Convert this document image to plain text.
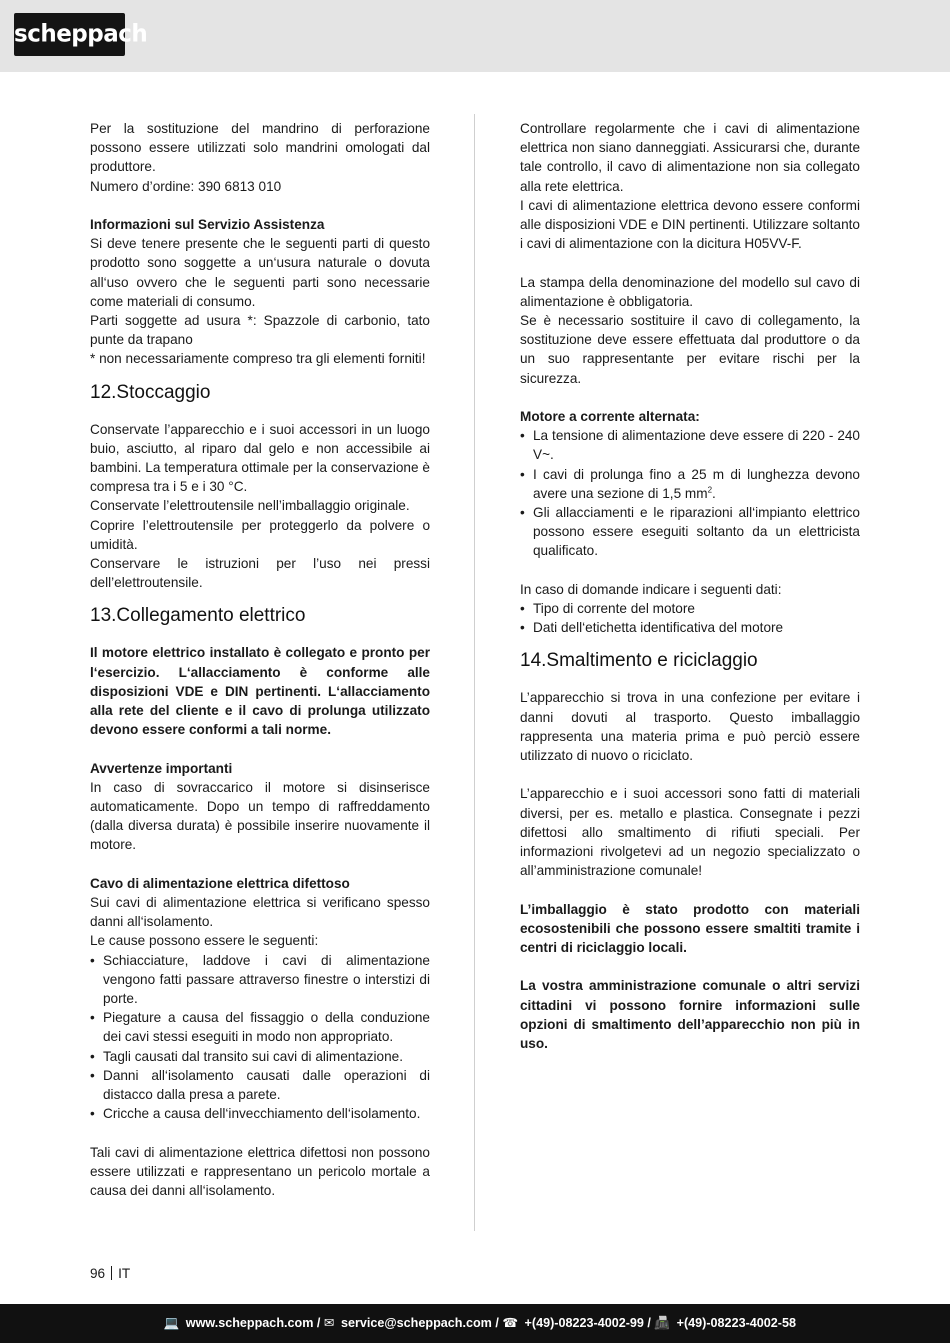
scheppach

Per la sostituzione del mandrino di perforazione possono essere utilizzati solo mandrini omologati dal produttore.

Numero d’ordine: 390 6813 010

Informazioni sul Servizio Assistenza

Si deve tenere presente che le seguenti parti di questo prodotto sono soggette a un‘usura naturale o dovuta all‘uso ovvero che le seguenti parti sono necessarie come materiali di consumo.

Parti soggette ad usura *: Spazzole di carbonio, tato punte da trapano

* non necessariamente compreso tra gli elementi forniti!

12.Stoccaggio

Conservate l’apparecchio e i suoi accessori in un luogo buio, asciutto, al riparo dal gelo e non accessibile ai bambini. La temperatura ottimale per la conservazione è compresa tra i 5 e i 30 °C.

Conservate l’elettroutensile nell’imballaggio originale.

Coprire l’elettroutensile per proteggerlo da polvere o umidità.

Conservare le istruzioni per l’uso nei pressi dell’elettroutensile.

13.Collegamento elettrico

Il motore elettrico installato è collegato e pronto per l‘esercizio. L‘allacciamento è conforme alle disposizioni VDE e DIN pertinenti. L‘allacciamento alla rete del cliente e il cavo di prolunga utilizzato devono essere conformi a tali norme.

Avvertenze importanti

In caso di sovraccarico il motore si disinserisce automaticamente. Dopo un tempo di raffreddamento (dalla diversa durata) è possibile inserire nuovamente il motore.

Cavo di alimentazione elettrica difettoso

Sui cavi di alimentazione elettrica si verificano spesso danni all‘isolamento.

Le cause possono essere le seguenti:

• Schiacciature, laddove i cavi di alimentazione vengono fatti passare attraverso finestre o interstizi di porte.
• Piegature a causa del fissaggio o della conduzione dei cavi stessi eseguiti in modo non appropriato.
• Tagli causati dal transito sui cavi di alimentazione.
• Danni all‘isolamento causati dalle operazioni di distacco dalla presa a parete.
• Cricche a causa dell‘invecchiamento dell‘isolamento.

Tali cavi di alimentazione elettrica difettosi non possono essere utilizzati e rappresentano un pericolo mortale a causa dei danni all‘isolamento.

Controllare regolarmente che i cavi di alimentazione elettrica non siano danneggiati. Assicurarsi che, durante tale controllo, il cavo di alimentazione non sia collegato alla rete elettrica.

I cavi di alimentazione elettrica devono essere conformi alle disposizioni VDE e DIN pertinenti. Utilizzare soltanto i cavi di alimentazione con la dicitura H05VV-F.

La stampa della denominazione del modello sul cavo di alimentazione è obbligatoria.

Se è necessario sostituire il cavo di collegamento, la sostituzione deve essere effettuata dal produttore o da un suo rappresentante per evitare rischi per la sicurezza.

Motore a corrente alternata:

• La tensione di alimentazione deve essere di 220 - 240 V~.
• I cavi di prolunga fino a 25 m di lunghezza devono avere una sezione di 1,5 $mm^2$.
• Gli allacciamenti e le riparazioni all‘impianto elettrico possono essere eseguiti soltanto da un elettricista qualificato.

In caso di domande indicare i seguenti dati:

• Tipo di corrente del motore
• Dati dell‘etichetta identificativa del motore
14.Smaltimento e riciclaggio

L’apparecchio si trova in una confezione per evitare i danni dovuti al trasporto. Questo imballaggio rappresenta una materia prima e può perciò essere utilizzato di nuovo o riciclato.

L’apparecchio e i suoi accessori sono fatti di materiali diversi, per es. metallo e plastica. Consegnate i pezzi difettosi allo smaltimento di rifiuti speciali. Per informazioni rivolgetevi ad un negozio specializzato o all’amministrazione comunale!

L’imballaggio è stato prodotto con materiali ecosostenibili che possono essere smaltiti tramite i centri di riciclaggio locali.

La vostra amministrazione comunale o altri servizi cittadini vi possono fornire informazioni sulle opzioni di smaltimento dell’apparecchio non più in uso.

96 IT
💻 www.scheppach.com / ✉ service@scheppach.com / ☎ +(49)-08223-4002-99 / 📠 +(49)-08223-4002-58
